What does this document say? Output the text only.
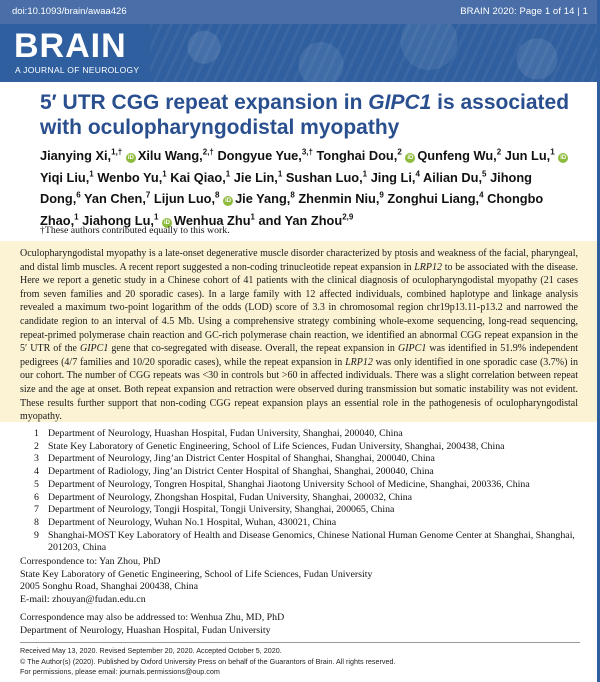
doi:10.1093/brain/awaa426	BRAIN 2020: Page 1 of 14 | 1
BRAIN
A JOURNAL OF NEUROLOGY
5′ UTR CGG repeat expansion in GIPC1 is associated with oculopharyngodistal myopathy
Jianying Xi,$^{1,\dagger}$ iD Xilu Wang,$^{2,\dagger}$ Dongyue Yue,$^{3,\dagger}$ Tonghai Dou,$^2$ iD Qunfeng Wu,$^2$ Jun Lu,$^1$ iDYiqi Liu,$^1$ Wenbo Yu,$^1$ Kai Qiao,$^1$ Jie Lin,$^1$ Sushan Luo,$^1$ Jing Li,$^4$ Ailian Du,$^5$ Jihong Dong,$^6$ Yan Chen,$^7$ Lijun Luo,$^8$ iD Jie Yang,$^8$ Zhenmin Niu,$^9$ Zonghui Liang,$^4$ Chongbo Zhao,$^1$ Jiahong Lu,$^1$ iD Wenhua Zhu$^1$ and Yan Zhou$^{2,9}$
†These authors contributed equally to this work.
Oculopharyngodistal myopathy is a late-onset degenerative muscle disorder characterized by ptosis and weakness of the facial, pharyngeal, and distal limb muscles. A recent report suggested a non-coding trinucleotide repeat expansion in LRP12 to be associated with the disease. Here we report a genetic study in a Chinese cohort of 41 patients with the clinical diagnosis of oculopharyngodistal myopathy (21 cases from seven families and 20 sporadic cases). In a large family with 12 affected individuals, combined haplotype and linkage analysis revealed a maximum two-point logarithm of the odds (LOD) score of 3.3 in chromosomal region chr19p13.11-p13.2 and narrowed the candidate region to an interval of 4.5 Mb. Using a comprehensive strategy combining whole-exome sequencing, long-read sequencing, repeat-primed polymerase chain reaction and GC-rich polymerase chain reaction, we identified an abnormal CGG repeat expansion in the 5′ UTR of the GIPC1 gene that co-segregated with disease. Overall, the repeat expansion in GIPC1 was identified in 51.9% independent pedigrees (4/7 families and 10/20 sporadic cases), while the repeat expansion in LRP12 was only identified in one sporadic case (3.7%) in our cohort. The number of CGG repeats was <30 in controls but >60 in affected individuals. There was a slight correlation between repeat size and the age at onset. Both repeat expansion and retraction were observed during transmission but somatic instability was not evident. These results further support that non-coding CGG repeat expansion plays an essential role in the pathogenesis of oculopharyngodistal myopathy.
1 Department of Neurology, Huashan Hospital, Fudan University, Shanghai, 200040, China
2 State Key Laboratory of Genetic Engineering, School of Life Sciences, Fudan University, Shanghai, 200438, China
3 Department of Neurology, Jing’an District Center Hospital of Shanghai, Shanghai, 200040, China
4 Department of Radiology, Jing’an District Center Hospital of Shanghai, Shanghai, 200040, China
5 Department of Neurology, Tongren Hospital, Shanghai Jiaotong University School of Medicine, Shanghai, 200336, China
6 Department of Neurology, Zhongshan Hospital, Fudan University, Shanghai, 200032, China
7 Department of Neurology, Tongji Hospital, Tongji University, Shanghai, 200065, China
8 Department of Neurology, Wuhan No.1 Hospital, Wuhan, 430021, China
9 Shanghai-MOST Key Laboratory of Health and Disease Genomics, Chinese National Human Genome Center at Shanghai, Shanghai, 201203, China
Correspondence to: Yan Zhou, PhD
State Key Laboratory of Genetic Engineering, School of Life Sciences, Fudan University
2005 Songhu Road, Shanghai 200438, China
E-mail: zhouyan@fudan.edu.cn
Correspondence may also be addressed to: Wenhua Zhu, MD, PhD
Department of Neurology, Huashan Hospital, Fudan University
Received May 13, 2020. Revised September 20, 2020. Accepted October 5, 2020.
© The Author(s) (2020). Published by Oxford University Press on behalf of the Guarantors of Brain. All rights reserved.
For permissions, please email: journals.permissions@oup.com
